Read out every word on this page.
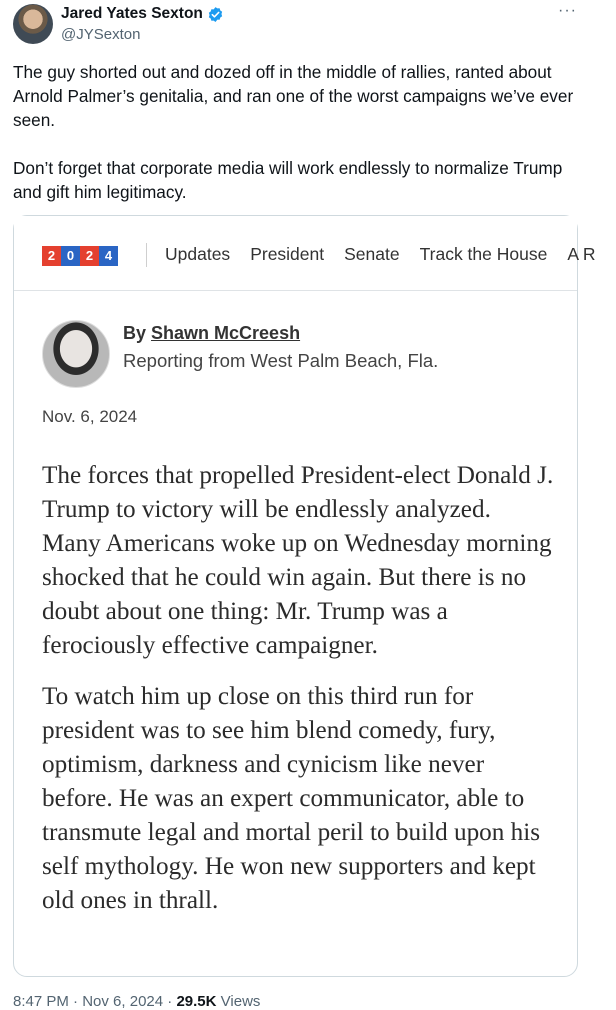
Jared Yates Sexton
@JYSexton
···

The guy shorted out and dozed off in the middle of rallies, ranted about Arnold Palmer’s genitalia, and ran one of the worst campaigns we’ve ever seen.

Don’t forget that corporate media will work endlessly to normalize Trump and gift him legitimacy.

2 0 2 4	Updates President Senate Track the House A R
By Shawn McCreesh
Reporting from West Palm Beach, Fla.
Nov. 6, 2024

The forces that propelled President-elect Donald J. Trump to victory will be endlessly analyzed. Many Americans woke up on Wednesday morning shocked that he could win again. But there is no doubt about one thing: Mr. Trump was a ferociously effective campaigner.

To watch him up close on this third run for president was to see him blend comedy, fury, optimism, darkness and cynicism like never before. He was an expert communicator, able to transmute legal and mortal peril to build upon his self mythology. He won new supporters and kept old ones in thrall.

8:47 PM · Nov 6, 2024 · 29.5K Views
